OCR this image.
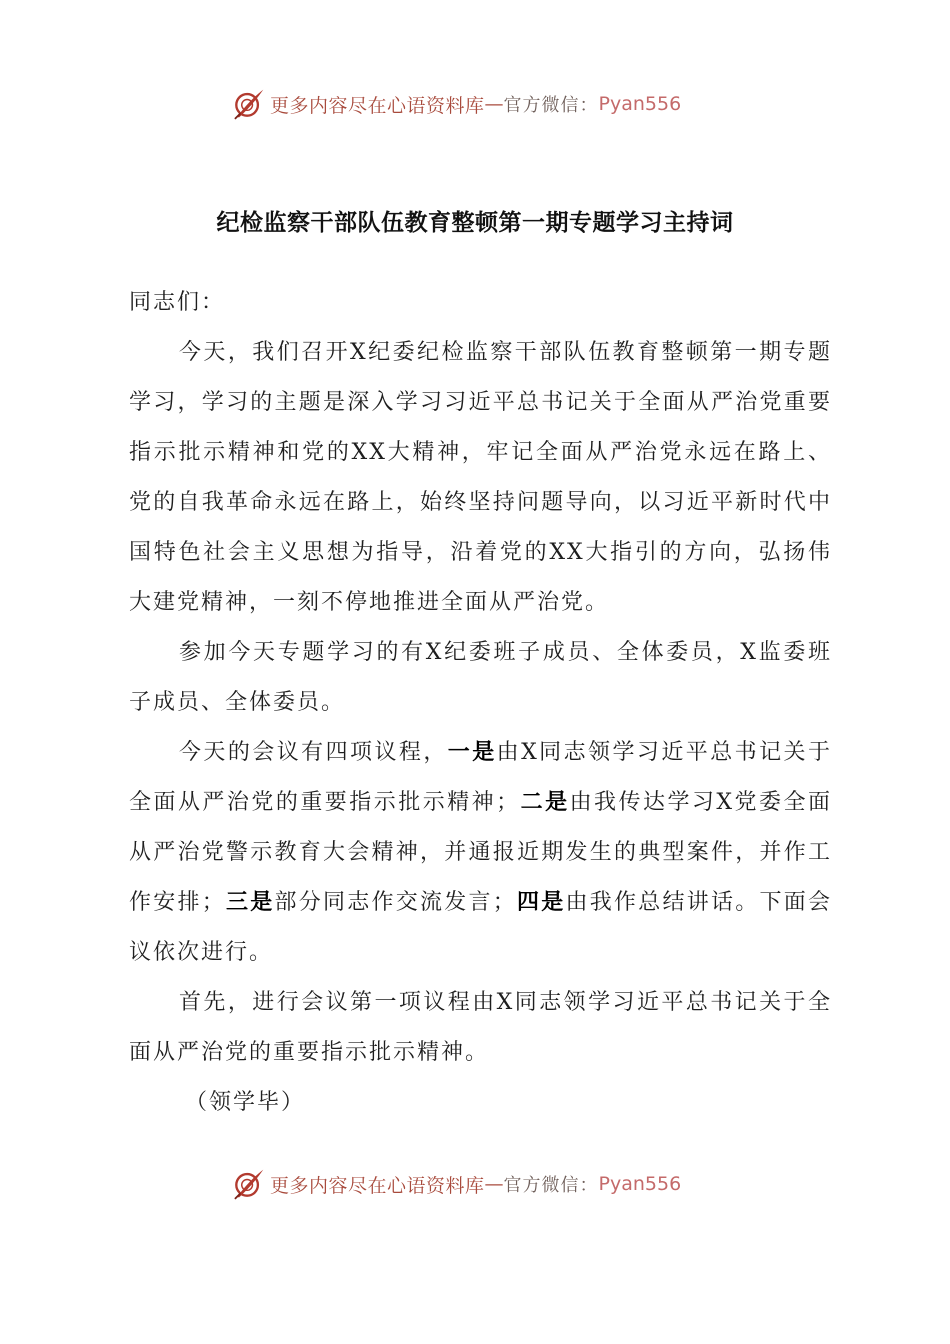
更多内容尽在心语资料库 — 官方微信： Pyan556
纪检监察干部队伍教育整顿第一期专题学习主持词

同志们：

今天，我们召开X纪委纪检监察干部队伍教育整顿第一期专题学习，学习的主题是深入学习习近平总书记关于全面从严治党重要指示批示精神和党的XX大精神，牢记全面从严治党永远在路上、党的自我革命永远在路上，始终坚持问题导向，以习近平新时代中国特色社会主义思想为指导，沿着党的XX大指引的方向，弘扬伟大建党精神，一刻不停地推进全面从严治党。

参加今天专题学习的有X纪委班子成员、全体委员，X监委班子成员、全体委员。

今天的会议有四项议程，一是由X同志领学习近平总书记关于全面从严治党的重要指示批示精神；二是由我传达学习X党委全面从严治党警示教育大会精神，并通报近期发生的典型案件，并作工作安排；三是部分同志作交流发言；四是由我作总结讲话。下面会议依次进行。

首先，进行会议第一项议程由X同志领学习近平总书记关于全面从严治党的重要指示批示精神。

（领学毕）

更多内容尽在心语资料库 — 官方微信： Pyan556
